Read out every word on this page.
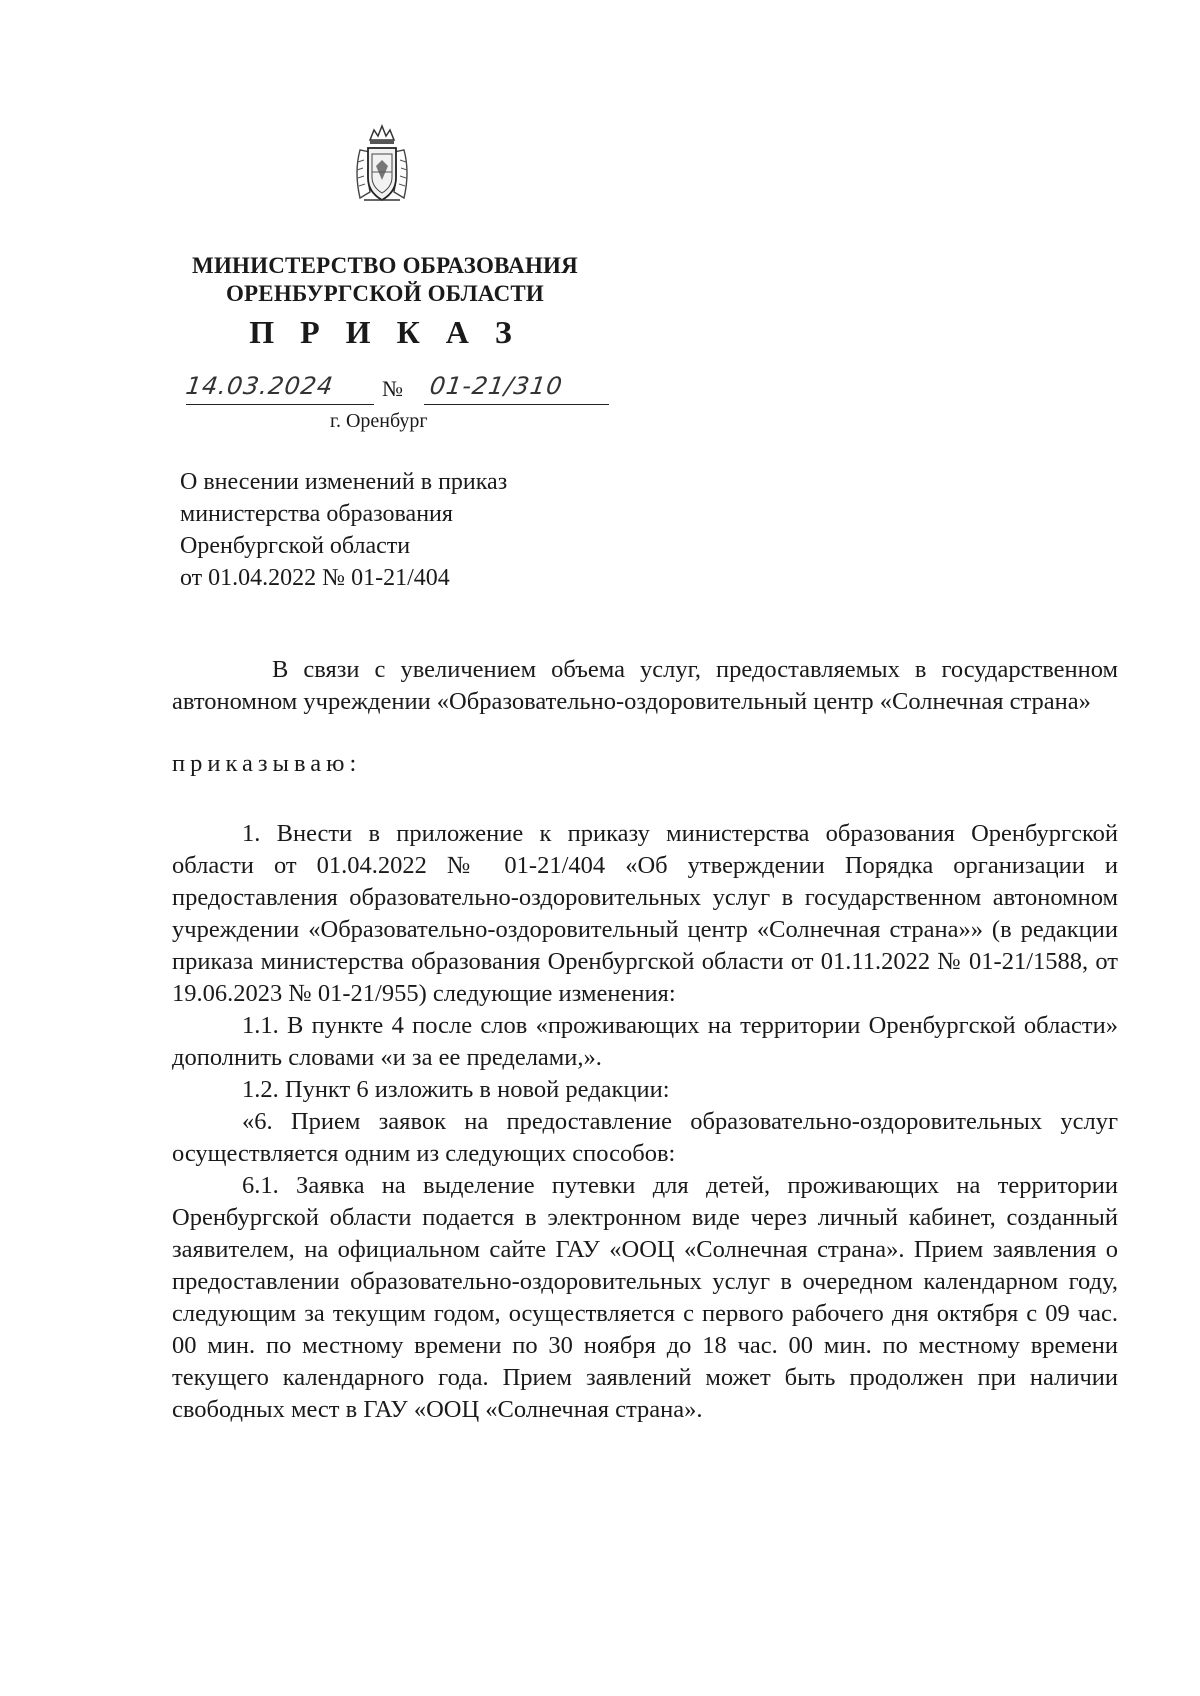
МИНИСТЕРСТВО ОБРАЗОВАНИЯ
ОРЕНБУРГСКОЙ ОБЛАСТИ
П Р И К А З
14.03.2024	№ 01-21/310
г. Оренбург
О внесении изменений в приказ
министерства образования
Оренбургской области
от 01.04.2022 № 01-21/404

В связи с увеличением объема услуг, предоставляемых в государственном автономном учреждении «Образовательно-оздоровительный центр «Солнечная страна»

приказываю:

1. Внести в приложение к приказу министерства образования Оренбургской области от 01.04.2022 № 01-21/404 «Об утверждении Порядка организации и предоставления образовательно-оздоровительных услуг в государственном автономном учреждении «Образовательно-оздоровительный центр «Солнечная страна»» (в редакции приказа министерства образования Оренбургской области от 01.11.2022 № 01-21/1588, от 19.06.2023 № 01-21/955) следующие изменения:

1.1. В пункте 4 после слов «проживающих на территории Оренбургской области» дополнить словами «и за ее пределами,».

1.2. Пункт 6 изложить в новой редакции:

«6. Прием заявок на предоставление образовательно-оздоровительных услуг осуществляется одним из следующих способов:

6.1. Заявка на выделение путевки для детей, проживающих на территории Оренбургской области подается в электронном виде через личный кабинет, созданный заявителем, на официальном сайте ГАУ «ООЦ «Солнечная страна». Прием заявления о предоставлении образовательно-оздоровительных услуг в очередном календарном году, следующим за текущим годом, осуществляется с первого рабочего дня октября с 09 час. 00 мин. по местному времени по 30 ноября до 18 час. 00 мин. по местному времени текущего календарного года. Прием заявлений может быть продолжен при наличии свободных мест в ГАУ «ООЦ «Солнечная страна».
